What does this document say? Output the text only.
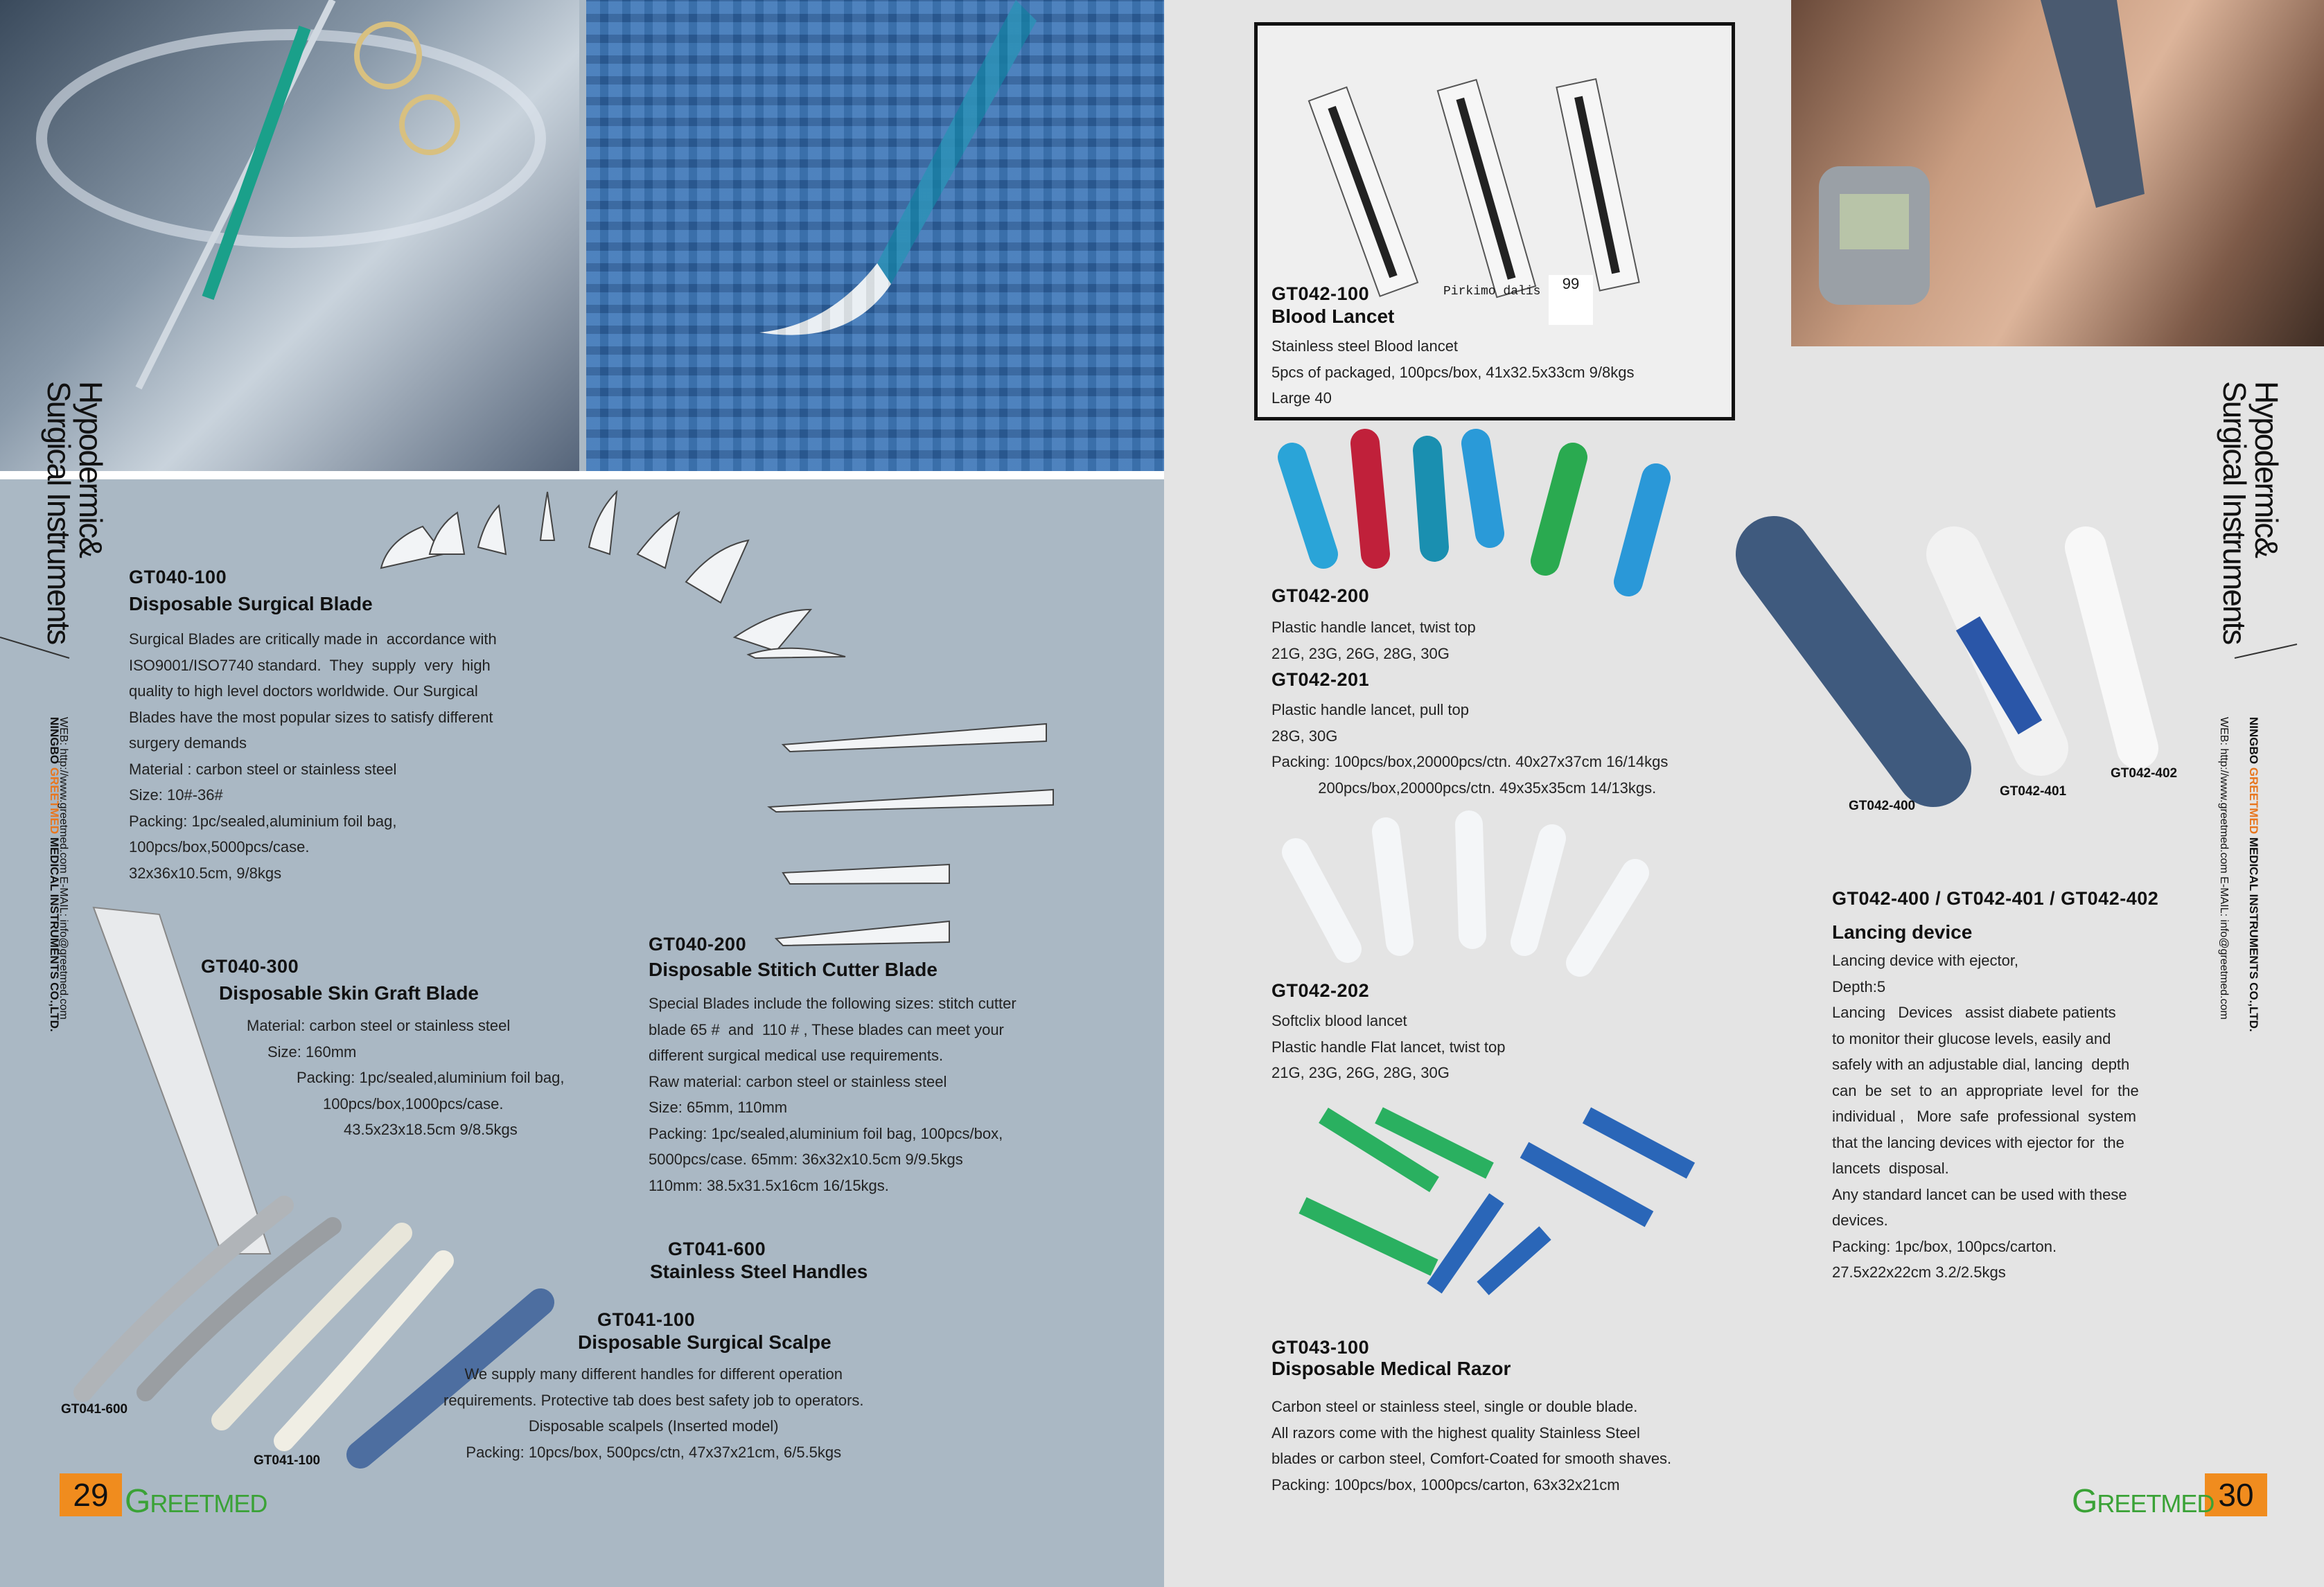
Hypodermic&
Surgical Instruments
NINGBO GREETMED MEDICAL INSTRUMENTS CO.,LTD.
WEB: http://www.greetmed.com E-MAIL: info@greetmed.com
GT040-100
Disposable Surgical Blade
Surgical Blades are critically made in  accordance with
ISO9001/ISO7740 standard.  They  supply  very  high
quality to high level doctors worldwide. Our Surgical
Blades have the most popular sizes to satisfy different
surgery demands
Material : carbon steel or stainless steel
Size: 10#-36#
Packing: 1pc/sealed,aluminium foil bag,
100pcs/box,5000pcs/case.
32x36x10.5cm, 9/8kgs
GT040-300
Disposable Skin Graft Blade
Material: carbon steel or stainless steel
Size: 160mm
Packing: 1pc/sealed,aluminium foil bag,
100pcs/box,1000pcs/case.
43.5x23x18.5cm 9/8.5kgs
GT040-200
Disposable Stitich Cutter Blade
Special Blades include the following sizes: stitch cutter
blade 65 #  and  110 # , These blades can meet your
different surgical medical use requirements.
Raw material: carbon steel or stainless steel
Size: 65mm, 110mm
Packing: 1pc/sealed,aluminium foil bag, 100pcs/box,
5000pcs/case. 65mm: 36x32x10.5cm 9/9.5kgs
110mm: 38.5x31.5x16cm 16/15kgs.
GT041-600
Stainless Steel Handles
GT041-100
Disposable Surgical Scalpe
We supply many different handles for different operation
requirements. Protective tab does best safety job to operators.
Disposable scalpels (Inserted model)
Packing: 10pcs/box, 500pcs/ctn, 47x37x21cm, 6/5.5kgs
GT041-600
GT041-100
29 GREETMED
Hypodermic&
Surgical Instruments
NINGBO GREETMED MEDICAL INSTRUMENTS CO.,LTD.
WEB: http://www.greetmed.com E-MAIL: info@greetmed.com
30
GREETMED
Pirkimo dalis	99
GT042-100
Blood Lancet
Stainless steel Blood lancet
5pcs of packaged, 100pcs/box, 41x32.5x33cm 9/8kgs
Large 40
GT042-200
Plastic handle lancet, twist top
21G, 23G, 26G, 28G, 30G
GT042-201
Plastic handle lancet, pull top
28G, 30G
Packing: 100pcs/box,20000pcs/ctn. 40x27x37cm 16/14kgs
200pcs/box,20000pcs/ctn. 49x35x35cm 14/13kgs.
GT042-202
Softclix blood lancet
Plastic handle Flat lancet, twist top
21G, 23G, 26G, 28G, 30G
GT043-100
Disposable Medical Razor
Carbon steel or stainless steel, single or double blade.
All razors come with the highest quality Stainless Steel
blades or carbon steel, Comfort-Coated for smooth shaves.
Packing: 100pcs/box, 1000pcs/carton, 63x32x21cm
GT042-400
GT042-401
GT042-402
GT042-400 / GT042-401 / GT042-402
Lancing device
Lancing device with ejector,
Depth:5
Lancing   Devices   assist diabete patients
to monitor their glucose levels, easily and
safely with an adjustable dial, lancing  depth
can  be  set  to  an  appropriate  level  for  the
individual ,   More  safe  professional  system
that the lancing devices with ejector for  the
lancets  disposal.
Any standard lancet can be used with these
devices.
Packing: 1pc/box, 100pcs/carton.
27.5x22x22cm 3.2/2.5kgs
